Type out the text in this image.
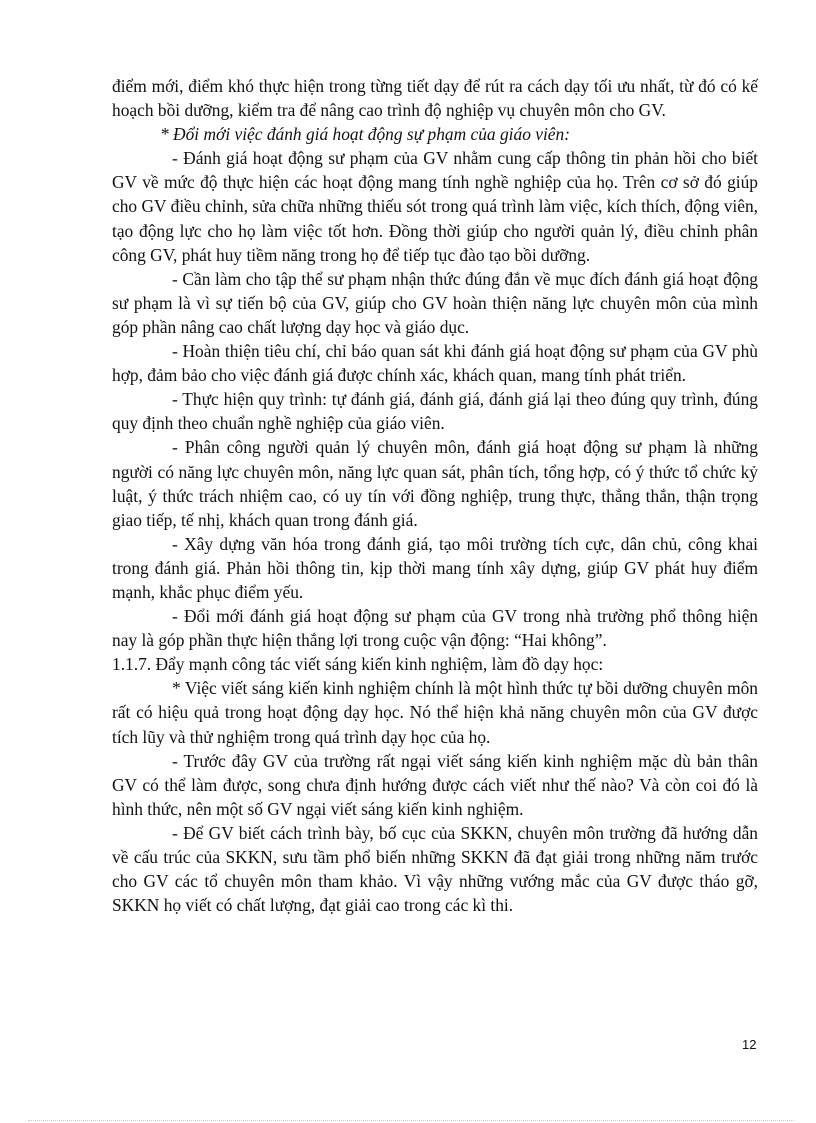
điểm mới, điểm khó thực hiện trong từng tiết dạy để rút ra cách dạy tối ưu nhất, từ đó có kế hoạch bồi dưỡng, kiểm tra để nâng cao trình độ nghiệp vụ chuyên môn cho GV.

* Đổi mới việc đánh giá hoạt động sự phạm của giáo viên:

- Đánh giá hoạt động sư phạm của GV nhằm cung cấp thông tin phản hồi cho biết GV về mức độ thực hiện các hoạt động mang tính nghề nghiệp của họ. Trên cơ sở đó giúp cho GV điều chỉnh, sửa chữa những thiếu sót trong quá trình làm việc, kích thích, động viên, tạo động lực cho họ làm việc tốt hơn. Đồng thời giúp cho người quản lý, điều chỉnh phân công GV, phát huy tiềm năng trong họ để tiếp tục đào tạo bồi dưỡng.

- Cần làm cho tập thể sư phạm nhận thức đúng đắn về mục đích đánh giá hoạt động sư phạm là vì sự tiến bộ của GV, giúp cho GV hoàn thiện năng lực chuyên môn của mình góp phần nâng cao chất lượng dạy học và giáo dục.

- Hoàn thiện tiêu chí, chỉ báo quan sát khi đánh giá hoạt động sư phạm của GV phù hợp, đảm bảo cho việc đánh giá được chính xác, khách quan, mang tính phát triển.

- Thực hiện quy trình: tự đánh giá, đánh giá, đánh giá lại theo đúng quy trình, đúng quy định theo chuẩn nghề nghiệp của giáo viên.

- Phân công người quản lý chuyên môn, đánh giá hoạt động sư phạm là những người có năng lực chuyên môn, năng lực quan sát, phân tích, tổng hợp, có ý thức tổ chức kỷ luật, ý thức trách nhiệm cao, có uy tín với đồng nghiệp, trung thực, thẳng thắn, thận trọng giao tiếp, tế nhị, khách quan trong đánh giá.

- Xây dựng văn hóa trong đánh giá, tạo môi trường tích cực, dân chủ, công khai trong đánh giá. Phản hồi thông tin, kịp thời mang tính xây dựng, giúp GV phát huy điểm mạnh, khắc phục điểm yếu.

- Đổi mới đánh giá hoạt động sư phạm của GV trong nhà trường phổ thông hiện nay là góp phần thực hiện thắng lợi trong cuộc vận động: “Hai không”.

1.1.7. Đẩy mạnh công tác viết sáng kiến kinh nghiệm, làm đồ dạy học:

* Việc viết sáng kiến kinh nghiệm chính là một hình thức tự bồi dưỡng chuyên môn rất có hiệu quả trong hoạt động dạy học. Nó thể hiện khả năng chuyên môn của GV được tích lũy và thử nghiệm trong quá trình dạy học của họ.

- Trước đây GV của trường rất ngại viết sáng kiến kinh nghiệm mặc dù bản thân GV có thể làm được, song chưa định hướng được cách viết như thế nào? Và còn coi đó là hình thức, nên một số GV ngại viết sáng kiến kinh nghiệm.

- Để GV biết cách trình bày, bố cục của SKKN, chuyên môn trường đã hướng dẫn về cấu trúc của SKKN, sưu tầm phổ biến những SKKN đã đạt giải trong những năm trước cho GV các tổ chuyên môn tham khảo. Vì vậy những vướng mắc của GV được tháo gỡ, SKKN họ viết có chất lượng, đạt giải cao trong các kì thi.

12
